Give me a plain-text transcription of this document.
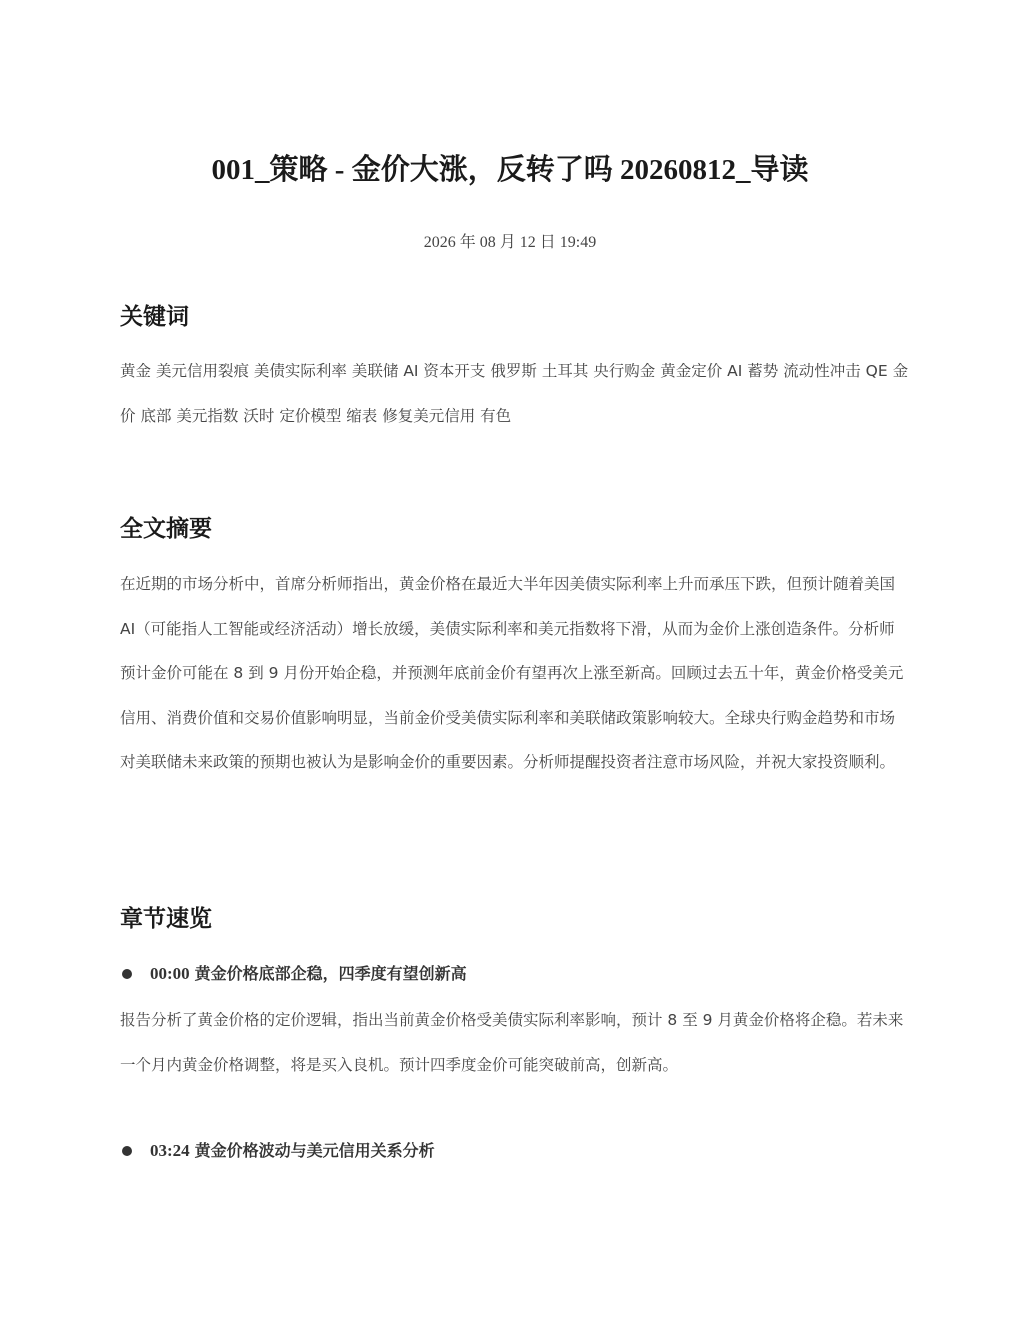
001_策略 - 金价大涨，反转了吗 20260812_导读
2026 年 08 月 12 日 19:49
关键词

黄金 美元信用裂痕 美债实际利率 美联储 AI 资本开支 俄罗斯 土耳其 央行购金 黄金定价 AI 蓄势 流动性冲击 QE 金价 底部 美元指数 沃时 定价模型 缩表 修复美元信用 有色

全文摘要

在近期的市场分析中，首席分析师指出，黄金价格在最近大半年因美债实际利率上升而承压下跌，但预计随着美国 AI（可能指人工智能或经济活动）增长放缓，美债实际利率和美元指数将下滑，从而为金价上涨创造条件。分析师预计金价可能在 8 到 9 月份开始企稳，并预测年底前金价有望再次上涨至新高。回顾过去五十年，黄金价格受美元信用、消费价值和交易价值影响明显，当前金价受美债实际利率和美联储政策影响较大。全球央行购金趋势和市场对美联储未来政策的预期也被认为是影响金价的重要因素。分析师提醒投资者注意市场风险，并祝大家投资顺利。

章节速览
00:00 黄金价格底部企稳，四季度有望创新高

报告分析了黄金价格的定价逻辑，指出当前黄金价格受美债实际利率影响，预计 8 至 9 月黄金价格将企稳。若未来一个月内黄金价格调整，将是买入良机。预计四季度金价可能突破前高，创新高。

03:24 黄金价格波动与美元信用关系分析
